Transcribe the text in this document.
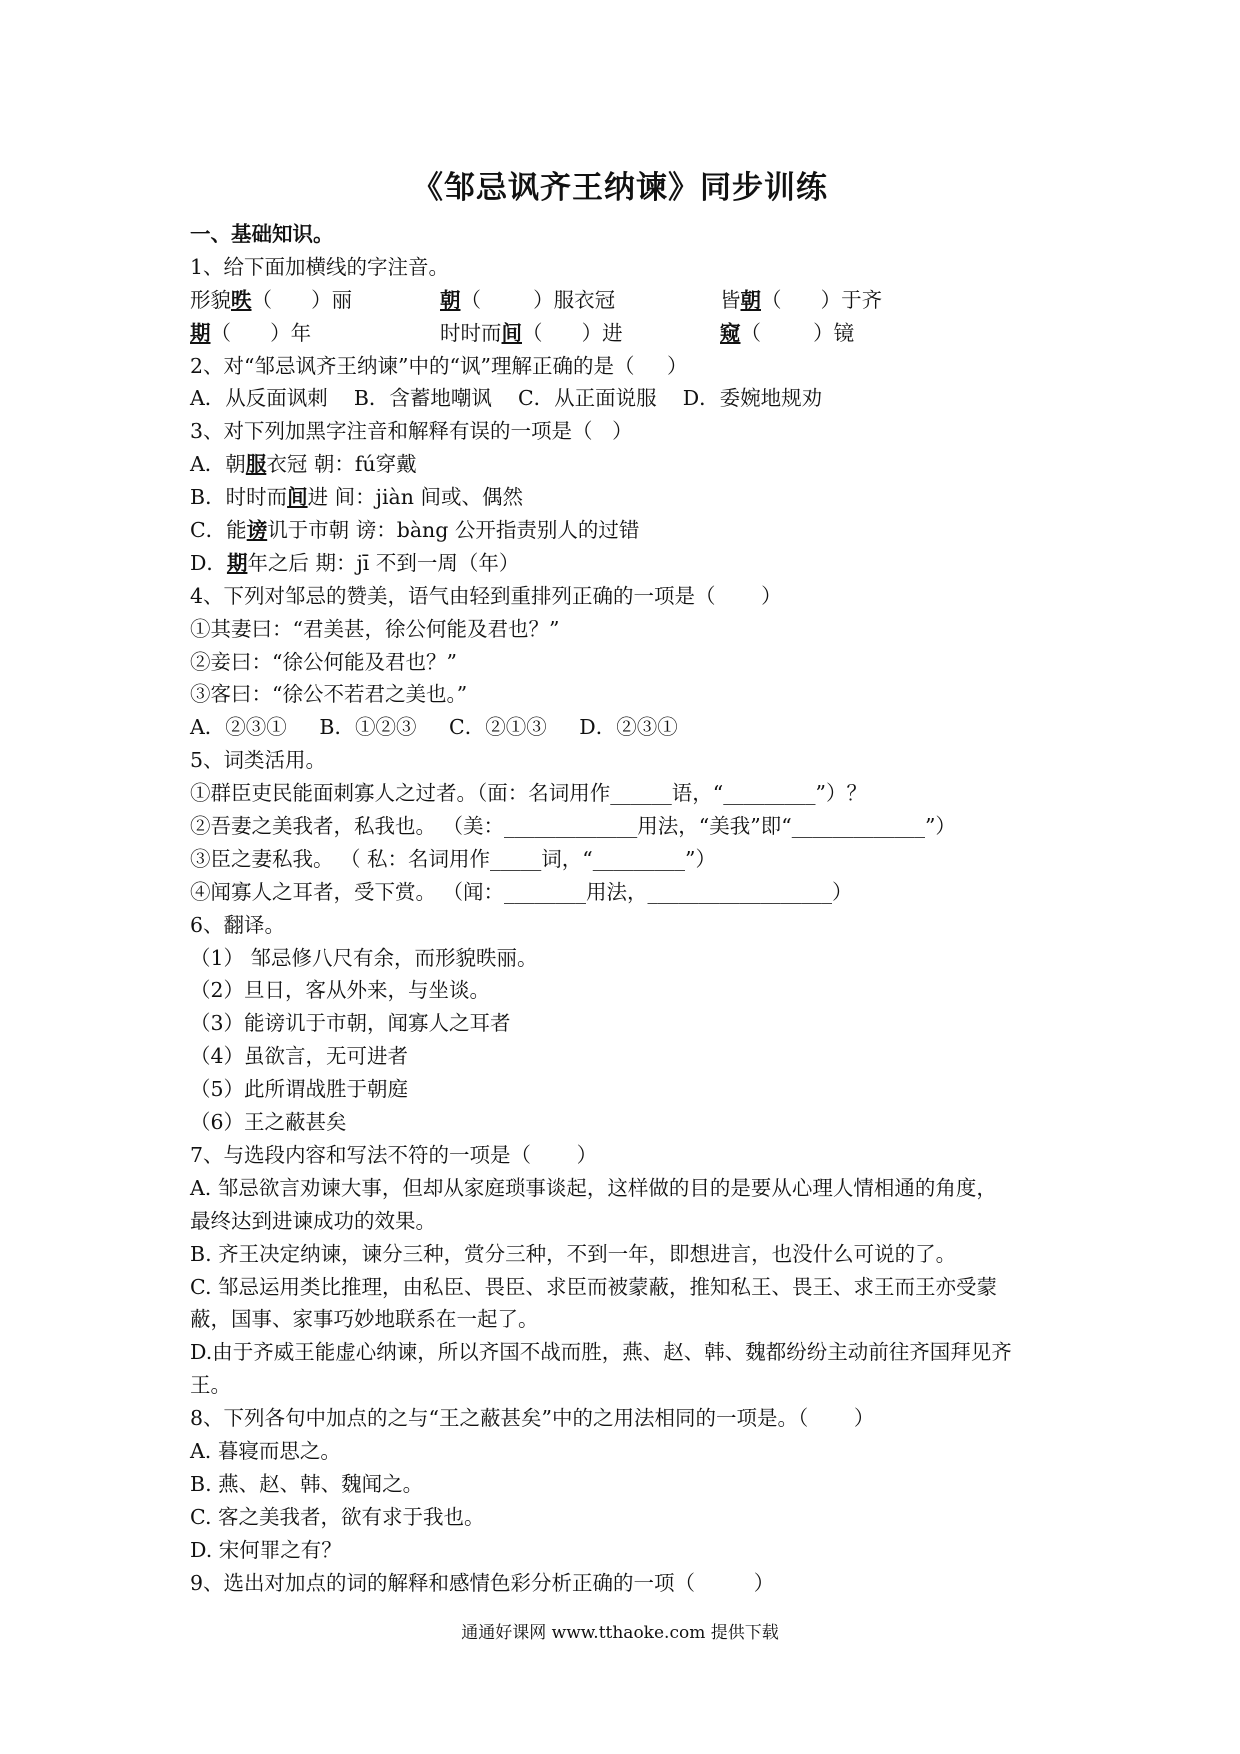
《邹忌讽齐王纳谏》同步训练
一、基础知识。
1、给下面加横线的字注音。
形貌昳（      ）丽	朝（        ）服衣冠	皆朝（      ）于齐
期（      ）年	时时而间（      ）进	窥（        ）镜
2、对“邹忌讽齐王纳谏”中的“讽”理解正确的是（     ）
A．从反面讽刺    B．含蓄地嘲讽    C．从正面说服    D．委婉地规劝
3、对下列加黑字注音和解释有误的一项是（   ）
A．朝服衣冠 朝：fú穿戴
B．时时而间进 间：jiàn 间或、偶然
C．能谤讥于市朝 谤：bàng 公开指责别人的过错
D．期年之后 期：jī 不到一周（年）
4、下列对邹忌的赞美，语气由轻到重排列正确的一项是（       ）
①其妻曰：“君美甚，徐公何能及君也？”
②妾曰：“徐公何能及君也？”
③客曰：“徐公不若君之美也。”
A．②③①     B．①②③     C．②①③     D．②③①
5、词类活用。
①群臣吏民能面刺寡人之过者。（面：名词用作______语，“_________”）？
②吾妻之美我者，私我也。 （美：_____________用法，“美我”即“_____________”）
③臣之妻私我。 （ 私：名词用作_____词，“_________”）
④闻寡人之耳者，受下赏。 （闻：________用法，__________________）
6、翻译。
（1） 邹忌修八尺有余，而形貌昳丽。
（2）旦日，客从外来，与坐谈。
（3）能谤讥于市朝，闻寡人之耳者
（4）虽欲言，无可进者
（5）此所谓战胜于朝庭
（6）王之蔽甚矣
7、与选段内容和写法不符的一项是（       ）
A. 邹忌欲言劝谏大事，但却从家庭琐事谈起，这样做的目的是要从心理人情相通的角度，
最终达到进谏成功的效果。
B. 齐王决定纳谏，谏分三种，赏分三种，不到一年，即想进言，也没什么可说的了。
C. 邹忌运用类比推理，由私臣、畏臣、求臣而被蒙蔽，推知私王、畏王、求王而王亦受蒙
蔽，国事、家事巧妙地联系在一起了。
D.由于齐威王能虚心纳谏，所以齐国不战而胜，燕、赵、韩、魏都纷纷主动前往齐国拜见齐
王。
8、下列各句中加点的之与“王之蔽甚矣”中的之用法相同的一项是。（       ）
A. 暮寝而思之。
B. 燕、赵、韩、魏闻之。
C. 客之美我者，欲有求于我也。
D. 宋何罪之有？
9、选出对加点的词的解释和感情色彩分析正确的一项（         ）
通通好课网 www.tthaoke.com 提供下载
